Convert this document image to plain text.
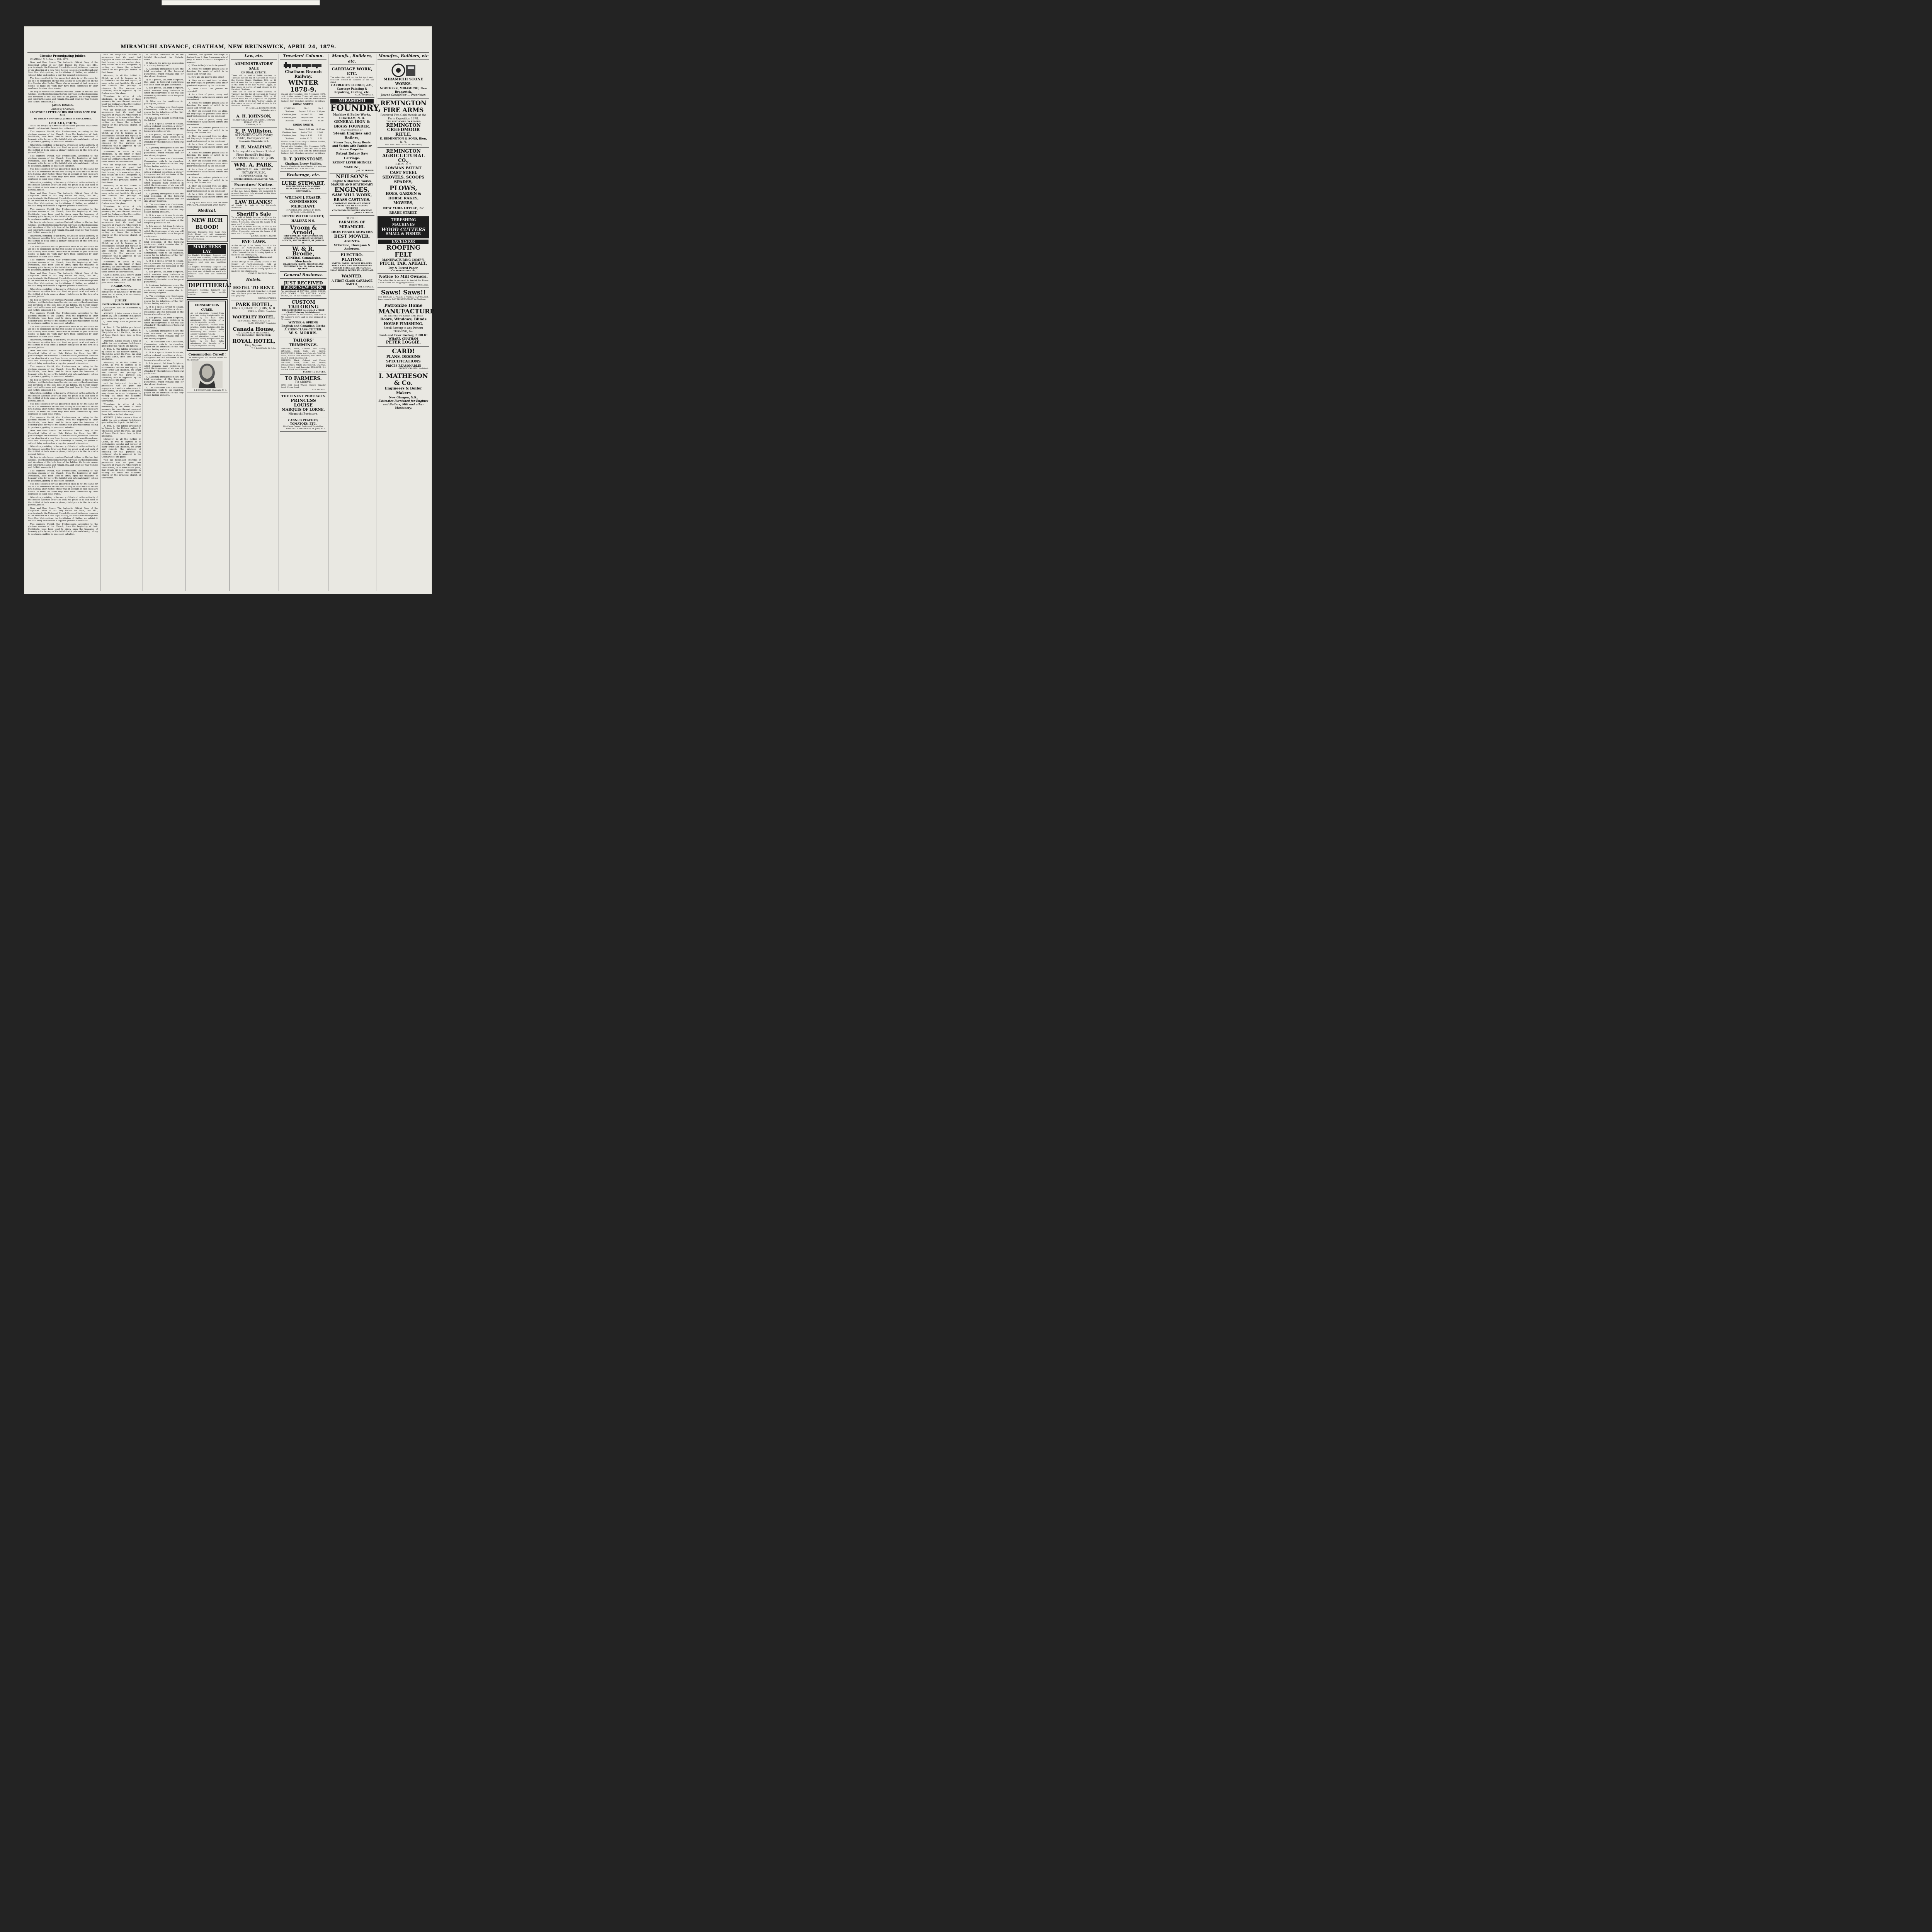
MIRAMICHI ADVANCE, CHATHAM, NEW BRUNSWICK, APRIL 24, 1879.
Circular Promulgating Jubilee.

CHATHAM, N. B., March 10th, 1879.

Dear and Dear Sirs:— The Authentic Official Copy of the Encyclical Letter of our Holy Father the Pope, Leo XIII., proclaiming to the Universal Church the usual Jubilee on occasion of the elevation of a new Pope, having just come to us through our Most Rev. Metropolitan, the Archbishop of Halifax, we publish it without delay and enclose a copy for general information.

The time specified for the prescribed visits is not the same for all; it is to commence on the first Sunday of Lent and end on the first Sunday after Easter. Those who on account of just cause are unable to make the visits may have them commuted by their confessor to other pious works.

We beg to refer to our previous Pastoral Letters on the two last Jubilees, and the instructions therein conveyed on the dispositions and devotions of the holy time of the Jubilee. We hereby renew and confirm the same, and remain, Rev. and Dear Sir, Your humble and faithful servant in J. C.

JAMES ROGERS,
Bishop of Chatham.
APOSTOLIC LETTER OF HIS HOLINESS POPE LEO XIII.,
BY WHICH A UNIVERSAL JUBILEE IS PROCLAIMED.
LEO XIII, POPE.

To all the faithful of Christ to whom these presents shall come: Health and Apostolic Benediction in the Lord.

This supreme Pontiff, Our Predecessors, according to the glorious custom of the Church, from the beginning of their Pontificate, have been used to throw open the treasures of heavenly gifts, by way of the faithful with paternal charity, calling to penitence, guiding to peace and salvation.

Wherefore, confiding in the mercy of God and in the authority of the blessed Apostles Peter and Paul, we grant to all and each of the faithful of both sexes a plenary Indulgence in the form of a general Jubilee.

This supreme Pontiff, Our Predecessors, according to the glorious custom of the Church, from the beginning of their Pontificate, have been used to throw open the treasures of heavenly gifts, by way of the faithful with paternal charity, calling to penitence, guiding to peace and salvation.

The time specified for the prescribed visits is not the same for all; it is to commence on the first Sunday of Lent and end on the first Sunday after Easter. Those who on account of just cause are unable to make the visits may have them commuted by their confessor to other pious works.

Wherefore, confiding in the mercy of God and in the authority of the blessed Apostles Peter and Paul, we grant to all and each of the faithful of both sexes a plenary Indulgence in the form of a general Jubilee.

Dear and Dear Sirs:— The Authentic Official Copy of the Encyclical Letter of our Holy Father the Pope, Leo XIII., proclaiming to the Universal Church the usual Jubilee on occasion of the elevation of a new Pope, having just come to us through our Most Rev. Metropolitan, the Archbishop of Halifax, we publish it without delay and enclose a copy for general information.

This supreme Pontiff, Our Predecessors, according to the glorious custom of the Church, from the beginning of their Pontificate, have been used to throw open the treasures of heavenly gifts, by way of the faithful with paternal charity, calling to penitence, guiding to peace and salvation.

We beg to refer to our previous Pastoral Letters on the two last Jubilees, and the instructions therein conveyed on the dispositions and devotions of the holy time of the Jubilee. We hereby renew and confirm the same, and remain, Rev. and Dear Sir, Your humble and faithful servant in J. C.

Wherefore, confiding in the mercy of God and in the authority of the blessed Apostles Peter and Paul, we grant to all and each of the faithful of both sexes a plenary Indulgence in the form of a general Jubilee.

The time specified for the prescribed visits is not the same for all; it is to commence on the first Sunday of Lent and end on the first Sunday after Easter. Those who on account of just cause are unable to make the visits may have them commuted by their confessor to other pious works.

This supreme Pontiff, Our Predecessors, according to the glorious custom of the Church, from the beginning of their Pontificate, have been used to throw open the treasures of heavenly gifts, by way of the faithful with paternal charity, calling to penitence, guiding to peace and salvation.

Dear and Dear Sirs:— The Authentic Official Copy of the Encyclical Letter of our Holy Father the Pope, Leo XIII., proclaiming to the Universal Church the usual Jubilee on occasion of the elevation of a new Pope, having just come to us through our Most Rev. Metropolitan, the Archbishop of Halifax, we publish it without delay and enclose a copy for general information.

Wherefore, confiding in the mercy of God and in the authority of the blessed Apostles Peter and Paul, we grant to all and each of the faithful of both sexes a plenary Indulgence in the form of a general Jubilee.

We beg to refer to our previous Pastoral Letters on the two last Jubilees, and the instructions therein conveyed on the dispositions and devotions of the holy time of the Jubilee. We hereby renew and confirm the same, and remain, Rev. and Dear Sir, Your humble and faithful servant in J. C.

This supreme Pontiff, Our Predecessors, according to the glorious custom of the Church, from the beginning of their Pontificate, have been used to throw open the treasures of heavenly gifts, by way of the faithful with paternal charity, calling to penitence, guiding to peace and salvation.

The time specified for the prescribed visits is not the same for all; it is to commence on the first Sunday of Lent and end on the first Sunday after Easter. Those who on account of just cause are unable to make the visits may have them commuted by their confessor to other pious works.

Wherefore, confiding in the mercy of God and in the authority of the blessed Apostles Peter and Paul, we grant to all and each of the faithful of both sexes a plenary Indulgence in the form of a general Jubilee.

Dear and Dear Sirs:— The Authentic Official Copy of the Encyclical Letter of our Holy Father the Pope, Leo XIII., proclaiming to the Universal Church the usual Jubilee on occasion of the elevation of a new Pope, having just come to us through our Most Rev. Metropolitan, the Archbishop of Halifax, we publish it without delay and enclose a copy for general information.

This supreme Pontiff, Our Predecessors, according to the glorious custom of the Church, from the beginning of their Pontificate, have been used to throw open the treasures of heavenly gifts, by way of the faithful with paternal charity, calling to penitence, guiding to peace and salvation.

We beg to refer to our previous Pastoral Letters on the two last Jubilees, and the instructions therein conveyed on the dispositions and devotions of the holy time of the Jubilee. We hereby renew and confirm the same, and remain, Rev. and Dear Sir, Your humble and faithful servant in J. C.

Wherefore, confiding in the mercy of God and in the authority of the blessed Apostles Peter and Paul, we grant to all and each of the faithful of both sexes a plenary Indulgence in the form of a general Jubilee.

The time specified for the prescribed visits is not the same for all; it is to commence on the first Sunday of Lent and end on the first Sunday after Easter. Those who on account of just cause are unable to make the visits may have them commuted by their confessor to other pious works.

This supreme Pontiff, Our Predecessors, according to the glorious custom of the Church, from the beginning of their Pontificate, have been used to throw open the treasures of heavenly gifts, by way of the faithful with paternal charity, calling to penitence, guiding to peace and salvation.

Dear and Dear Sirs:— The Authentic Official Copy of the Encyclical Letter of our Holy Father the Pope, Leo XIII., proclaiming to the Universal Church the usual Jubilee on occasion of the elevation of a new Pope, having just come to us through our Most Rev. Metropolitan, the Archbishop of Halifax, we publish it without delay and enclose a copy for general information.

Wherefore, confiding in the mercy of God and in the authority of the blessed Apostles Peter and Paul, we grant to all and each of the faithful of both sexes a plenary Indulgence in the form of a general Jubilee.

We beg to refer to our previous Pastoral Letters on the two last Jubilees, and the instructions therein conveyed on the dispositions and devotions of the holy time of the Jubilee. We hereby renew and confirm the same, and remain, Rev. and Dear Sir, Your humble and faithful servant in J. C.

This supreme Pontiff, Our Predecessors, according to the glorious custom of the Church, from the beginning of their Pontificate, have been used to throw open the treasures of heavenly gifts, by way of the faithful with paternal charity, calling to penitence, guiding to peace and salvation.

The time specified for the prescribed visits is not the same for all; it is to commence on the first Sunday of Lent and end on the first Sunday after Easter. Those who on account of just cause are unable to make the visits may have them commuted by their confessor to other pious works.

Wherefore, confiding in the mercy of God and in the authority of the blessed Apostles Peter and Paul, we grant to all and each of the faithful of both sexes a plenary Indulgence in the form of a general Jubilee.

Dear and Dear Sirs:— The Authentic Official Copy of the Encyclical Letter of our Holy Father the Pope, Leo XIII., proclaiming to the Universal Church the usual Jubilee on occasion of the elevation of a new Pope, having just come to us through our Most Rev. Metropolitan, the Archbishop of Halifax, we publish it without delay and enclose a copy for general information.

This supreme Pontiff, Our Predecessors, according to the glorious custom of the Church, from the beginning of their Pontificate, have been used to throw open the treasures of heavenly gifts, by way of the faithful with paternal charity, calling to penitence, guiding to peace and salvation.

visit the designated churches in procession. And We grant that voyagers or travellers, who return to their homes, or to some other place, may obtain the same Indulgence by visiting six times the cathedral church or the principal church of their home.

Moreover, to all the faithful in Christ, as well to laymen as to ecclesiastics, secular and regular, of every order and Institute, We grant and concede the privilege of choosing for this purpose any confessor, who is approved by the Ordinaries of the place.

Wherefore, in virtue of holy obedience, by the tenor of these presents, We prescribe and command to all the Ordinaries that they publish these Letters in their dioceses.

visit the designated churches in procession. And We grant that voyagers or travellers, who return to their homes, or to some other place, may obtain the same Indulgence by visiting six times the cathedral church or the principal church of their home.

Moreover, to all the faithful in Christ, as well to laymen as to ecclesiastics, secular and regular, of every order and Institute, We grant and concede the privilege of choosing for this purpose any confessor, who is approved by the Ordinaries of the place.

Wherefore, in virtue of holy obedience, by the tenor of these presents, We prescribe and command to all the Ordinaries that they publish these Letters in their dioceses.

visit the designated churches in procession. And We grant that voyagers or travellers, who return to their homes, or to some other place, may obtain the same Indulgence by visiting six times the cathedral church or the principal church of their home.

Moreover, to all the faithful in Christ, as well to laymen as to ecclesiastics, secular and regular, of every order and Institute, We grant and concede the privilege of choosing for this purpose any confessor, who is approved by the Ordinaries of the place.

Wherefore, in virtue of holy obedience, by the tenor of these presents, We prescribe and command to all the Ordinaries that they publish these Letters in their dioceses.

visit the designated churches in procession. And We grant that voyagers or travellers, who return to their homes, or to some other place, may obtain the same Indulgence by visiting six times the cathedral church or the principal church of their home.

Moreover, to all the faithful in Christ, as well to laymen as to ecclesiastics, secular and regular, of every order and Institute, We grant and concede the privilege of choosing for this purpose any confessor, who is approved by the Ordinaries of the place.

Wherefore, in virtue of holy obedience, by the tenor of these presents, We prescribe and command to all the Ordinaries that they publish these Letters in their dioceses.

Given at Rome, at St. Peter's under the Seal of the Fisherman, the 15th day of February, 1879, and the first year of our Pontificate.

F. CARD. NINA.

We append the "Instructions on the Indulgence of the Jubilee," by the late Most Rev. W. Walsh, D. D. Archbishop of Halifax, N. S.

JUBILEE.
INSTRUCTIONS ON THE JUBILEE.

QUESTION. What is understood by a Jubilee?

ANSWER. Jubilee means a time of public joy, and a plenary Indulgence granted by the Pope to the faithful.

Q. How many kinds of jubilee are there?

A. Two. 1. The jubilee proclaimed by Moses to the Hebrew nation; 2. The jubilee which the Pope, the vicar of Jesus Christ, from time to time proclaims.

ANSWER. Jubilee means a time of public joy, and a plenary Indulgence granted by the Pope to the faithful.

A. Two. 1. The jubilee proclaimed by Moses to the Hebrew nation; 2. The jubilee which the Pope, the vicar of Jesus Christ, from time to time proclaims.

Moreover, to all the faithful in Christ, as well to laymen as to ecclesiastics, secular and regular, of every order and Institute, We grant and concede the privilege of choosing for this purpose any confessor, who is approved by the Ordinaries of the place.

visit the designated churches in procession. And We grant that voyagers or travellers, who return to their homes, or to some other place, may obtain the same Indulgence by visiting six times the cathedral church or the principal church of their home.

Wherefore, in virtue of holy obedience, by the tenor of these presents, We prescribe and command to all the Ordinaries that they publish these Letters in their dioceses.

ANSWER. Jubilee means a time of public joy, and a plenary Indulgence granted by the Pope to the faithful.

A. Two. 1. The jubilee proclaimed by Moses to the Hebrew nation; 2. The jubilee which the Pope, the vicar of Jesus Christ, from time to time proclaims.

Moreover, to all the faithful in Christ, as well to laymen as to ecclesiastics, secular and regular, of every order and Institute, We grant and concede the privilege of choosing for this purpose any confessor, who is approved by the Ordinaries of the place.

visit the designated churches in procession. And We grant that voyagers or travellers, who return to their homes, or to some other place, may obtain the same Indulgence by visiting six times the cathedral church or the principal church of their home.

at benefits conferred on all the faithful throughout the Catholic world.

Q. What is the principal concession in a plenary indulgence?

A. A plenary indulgence means the total remission of the temporal punishment which remains due for sins already forgiven.

Q. Is it proved, 1st, from Scripture, that there is temporal punishment due to sin after the guilt is remitted?

A. It is proved, 1st, from Scripture, which contains many instances in which the forgiveness of sin was still attended by the infliction of temporal punishment.

Q. What are the conditions for gaining the Jubilee?

A. The conditions are: Confession, Communion, visits to the churches, prayer for the intentions of the Holy Father, fasting and alms.

Q. What is the benefit derived from the Jubilee?

A. It is a special favour to obtain, with a profound contrition, a plenary indulgence and full remission of the temporal penalties of sin.

A. It is proved, 1st, from Scripture, which contains many instances in which the forgiveness of sin was still attended by the infliction of temporal punishment.

A. A plenary indulgence means the total remission of the temporal punishment which remains due for sins already forgiven.

A. The conditions are: Confession, Communion, visits to the churches, prayer for the intentions of the Holy Father, fasting and alms.

A. It is a special favour to obtain, with a profound contrition, a plenary indulgence and full remission of the temporal penalties of sin.

A. It is proved, 1st, from Scripture, which contains many instances in which the forgiveness of sin was still attended by the infliction of temporal punishment.

A. A plenary indulgence means the total remission of the temporal punishment which remains due for sins already forgiven.

A. The conditions are: Confession, Communion, visits to the churches, prayer for the intentions of the Holy Father, fasting and alms.

A. It is a special favour to obtain, with a profound contrition, a plenary indulgence and full remission of the temporal penalties of sin.

A. It is proved, 1st, from Scripture, which contains many instances in which the forgiveness of sin was still attended by the infliction of temporal punishment.

A. A plenary indulgence means the total remission of the temporal punishment which remains due for sins already forgiven.

A. The conditions are: Confession, Communion, visits to the churches, prayer for the intentions of the Holy Father, fasting and alms.

A. It is a special favour to obtain, with a profound contrition, a plenary indulgence and full remission of the temporal penalties of sin.

A. It is proved, 1st, from Scripture, which contains many instances in which the forgiveness of sin was still attended by the infliction of temporal punishment.

A. A plenary indulgence means the total remission of the temporal punishment which remains due for sins already forgiven.

A. The conditions are: Confession, Communion, visits to the churches, prayer for the intentions of the Holy Father, fasting and alms.

A. It is a special favour to obtain, with a profound contrition, a plenary indulgence and full remission of the temporal penalties of sin.

A. It is proved, 1st, from Scripture, which contains many instances in which the forgiveness of sin was still attended by the infliction of temporal punishment.

A. A plenary indulgence means the total remission of the temporal punishment which remains due for sins already forgiven.

A. The conditions are: Confession, Communion, visits to the churches, prayer for the intentions of the Holy Father, fasting and alms.

A. It is a special favour to obtain, with a profound contrition, a plenary indulgence and full remission of the temporal penalties of sin.

A. It is proved, 1st, from Scripture, which contains many instances in which the forgiveness of sin was still attended by the infliction of temporal punishment.

A. A plenary indulgence means the total remission of the temporal punishment which remains due for sins already forgiven.

A. The conditions are: Confession, Communion, visits to the churches, prayer for the intentions of the Holy Father, fasting and alms.

benefits, that greater advantage is derived from it, than from many acts of piety, to which a similar indulgence is annexed.

Q. When is the Jubilee to be gained?

A. When we perform private acts of devotion, the merit of which is to satisfy God for our sins.

Q. How are the poor to give alms?

A. They are excused from the alms, but they ought to perform some other good work enjoined by the confessor.

Q. How should the Jubilee be regarded?

A. As a time of grace, mercy and reconciliation, with sincere sorrow and amendment.

A. When we perform private acts of devotion, the merit of which is to satisfy God for our sins.

A. They are excused from the alms, but they ought to perform some other good work enjoined by the confessor.

A. As a time of grace, mercy and reconciliation, with sincere sorrow and amendment.

A. When we perform private acts of devotion, the merit of which is to satisfy God for our sins.

A. They are excused from the alms, but they ought to perform some other good work enjoined by the confessor.

A. As a time of grace, mercy and reconciliation, with sincere sorrow and amendment.

A. When we perform private acts of devotion, the merit of which is to satisfy God for our sins.

A. They are excused from the alms, but they ought to perform some other good work enjoined by the confessor.

A. As a time of grace, mercy and reconciliation, with sincere sorrow and amendment.

A. When we perform private acts of devotion, the merit of which is to satisfy God for our sins.

A. They are excused from the alms, but they ought to perform some other good work enjoined by the confessor.

A. As a time of grace, mercy and reconciliation, with sincere sorrow and amendment.

To thy God thou shalt love the voice of the Lord, beloved and great hearts.

Medical.
NEW RICH BLOOD!
Parsons' Purgative Pills make New Rich Blood, and will completely change the blood in the entire system in three months.
MAKE HENS LAY.
An English Veterinary Surgeon and Chemist now travelling in this country says that most of the Horse and Cattle Powders sold here are worthless trash.
An English Veterinary Surgeon and Chemist now travelling in this country says that most of the Horse and Cattle Powders sold here are worthless trash.
DIPHTHERIA!
Johnson's Anodyne Liniment will positively prevent this terrible disease.
CONSUMPTION CURED.
An old physician, retired from practice, having had placed in his hands by an East India missionary the formula of a simple vegetable remedy.
An old physician, retired from practice, having had placed in his hands by an East India missionary the formula of a simple vegetable remedy.
An old physician, retired from practice, having had placed in his hands by an East India missionary the formula of a simple vegetable remedy.
Consumption Cured!!
The undersigned will receive orders for the remedy.
J. P. MCDONALD, Chatham, N. B.
Law, etc.
ADMINISTRATORS' SALE
OF REAL ESTATE.
There will be sold at Public Auction, on Tuesday, the 6th day of May next, in front of the Canada House, Chatham, N.B., at 12 o'clock noon, for the purpose of the payment of the debts of the late Andrew Loggie, all that piece or parcel of land situate in the Parish of Chatham.
There will be sold at Public Auction, on Tuesday, the 6th day of May next, in front of the Canada House, Chatham, N.B., at 12 o'clock noon, for the purpose of the payment of the debts of the late Andrew Loggie, all that piece or parcel of land situate in the Parish of Chatham.
W. H. KELLY, JOHN JOHNSON, Administrators.
A. H. JOHNSON,
BARRISTER-AT-LAW, SOLICITOR, NOTARY PUBLIC, ETC., ETC.
Chatham, N. B.
E. P. Williston,
ATTORNEY-AT-LAW, Notary Public, Conveyancer, &c.
Newcastle, Miramichi, N. B.
E. H. McALPINE.
Attorney-at-Law, Room 3, First Floor, Barnhill's Building, PRINCESS STREET, ST. JOHN.
WM. A. PARK,
Attorney-at-Law, Solicitor, NOTARY PUBLIC, CONVEYANCER, &c.
CASTLE STREET, NEWCASTLE, N.B.
Executors' Notice.
All persons having claims against the Estate of the late James Blaikie are requested to present the same, duly attested, within three months from this date.
LAW BLANKS!
All kinds, for sale at the Miramichi Bookstore.
Sheriff's Sale
To be sold at Public Auction, on Friday, the 25th day of July next, in front of the Registry Office, Newcastle, between the hours of 12 noon and 5 o'clock p.m.
To be sold at Public Auction, on Friday, the 25th day of July next, in front of the Registry Office, Newcastle, between the hours of 12 noon and 5 o'clock p.m.
JOHN SHIRREFF, Sheriff.
BYE-LAWS.
At the sittings of the County Council of the County of Northumberland, held at Newcastle on the 21st day of January, A. D. 1879: Ordered that the following Bye-Law be made for the Municipality.
A Bye-Law Relating to Booms and Boomage.
At the sittings of the County Council of the County of Northumberland, held at Newcastle on the 21st day of January, A. D. 1879: Ordered that the following Bye-Law be made for the Municipality.
CHAS. F. BOURNE, Warden.
Hotels.
HOTEL TO RENT.
The subscriber will rent, from the 1st of April next, the hotel premises known as the John Hea property.
JOHN McCARTHY.
PARK HOTEL,
KING SQUARE, ST. JOHN, N. B.
FRED. A. JONES, Proprietor.
WAVERLEY HOTEL.
NEWCASTLE, MIRAMICHI, N. B.
ALEX. STEWART, Proprietor.
Canada House,
CHATHAM, NEW BRUNSWICK.
WM. JOHNSTON, PROPRIETOR.
ROYAL HOTEL,
King Square.
T. F. RAYMOND, St. John.
Travelers' Column.
Chatham Branch Railway.
WINTER 1878-9.
On and after Monday, 18th November, 1878, until further notice, Trains will run on this Railway, in connection with the Intercolonial Railway, daily (Sundays excepted) as follows:
GOING SOUTH.
STATIONS.	No. 1	No. 2
Chatham,	Depart. 5.00 am	2.30 pm
Chatham June.	Arrive 5.30	3.00
Chatham June.	Depart 5.40	10.30
Chatham,	Arrive 6.10	11.00
GOING NORTH.
Chatham,	Depart 6.30 am	11.30 am
Chatham June.	Arrive 7.00	12.00
Chatham June.	Depart 9.30	3.20
Chatham,	Arrive 10.00	3.50
All the above Trains stop at Nelson Station, both going and returning.
On and after Monday, 18th November, 1878, until further notice, Trains will run on this Railway, in connection with the Intercolonial Railway, daily (Sundays excepted) as follows:
D. T. JOHNSTONE.
Chatham Livery Stables.
Regular Coaches to leave having and arriving at CHATHAM RAILWAY STATION.
Brokerage, etc.
LUKE STEWART,
SHIP BROKER & COMMISSION MERCHANT SAINT JOHN, NEW BRUNSWICK.
WILLIAM J. FRASER,
COMMISSION MERCHANT,
IMPORTER AND DEALER IN TEAS, SUGARS, MOLASSES &c.
UPPER WATER STREET, HALIFAX N S.
Vroom & Arnold,
SHIP BROKERS AND COMMISSION MERCHANTS, MARINE INSURANCE AGENTS, SMYTH STREET, ST. JOHN N. B.
W. & R. Brodie,
GENERAL Commission Merchants
DEALERS IN FLOUR, PRODUCE AND PROVISIONS, No. 16, Arthur Street, QUEBEC.
General Business.
JUST RECEIVED
FROM NEW YORK
An assortment of NOVELS, SONG BOOKS, JOKE BOOKS, LOVE LETTERS, MAGIC BOOKS, &c., at the Miramichi Bookstore.
CUSTOM TAILORING
THE SUBSCRIBER has opened a FIRST-CLASS Tailoring Establishment
in the premises on Water Street, next door to Mr. Anslow's store, and is now prepared to fill orders.
WINTER & SPRING
English and Canadian Cloths
A FIRST-CLASS CUTTER.
W. S. MORRIS.
TAILORS' TRIMMINGS.
SILESIAS, Black, Colored and Fancy; LININGS, Black, Slate and Brown; POCKETINGS, White and Colored; CANVAS, Swiss, French and Imperial; ITALIANS, 2-4 and 6-4 Black and Colored.
SILESIAS, Black, Colored and Fancy; LININGS, Black, Slate and Brown; POCKETINGS, White and Colored; CANVAS, Swiss, French and Imperial; ITALIANS, 2-4 and 6-4 Black and Colored.
EVERITT & BUTLER.
TO FARMERS.
TO ARRIVE.
FIVE Bold Seed Wheat, Choice Timothy Seed, Clover Seed.
W. S. LOGGIE.
THE FINEST PORTRAITS
PRINCESS LOUISE
MARQUIS OF LORNE,
Miramichi Bookstore.
CANNED PEACHES, TOMATOES, ETC.
180 Cases Canned Fruits and Vegetables.
HARDING & HATHEWAY, St. John, N. B.
Manufs., Builders, etc.
CARRIAGE WORK, ETC.
The subscriber will, on the 1st April next, establish himself in business at the old stand.
CARRIAGES SLEIGHS, &C.,
Carriage Painting & Repairing, Gilding, etc.
ALEX. ROBINSON.
MIRAMICHI
FOUNDRY,
Machine & Boiler Works,
CHATHAM, N. B.
GENERAL IRON & BRASS FOUNDER.
MANUFACTURER OF
Steam Engines and Boilers,
Steam Tugs, Ferry Boats and Yachts with Paddle or Screw Propeller.
Patent Rotary Saw Carriage.
PATENT LEVER SHINGLE MACHINE,
JAS. W. FRASER
NEILSON'S
Engine & Machine Works.
MARINE AND STATIONARY
ENGINES,
SAW MILL WORK,
BRASS CASTINGS.
COMPOUND EDGER AND SINGLE EDGER, AND MY RE-SAWING MACHINES
COMPOUND OR DOUBLE MACHINE
JAMES NEILSON.
TO THE
FARMERS OF MIRAMICHI.
IRON FRAME MOWERS
BEST MOWER,
AGENTS:
M'Farlane, Thompson & Anderson.
ELECTRO-PLATING.
KNIVES, FORKS, SPOONS TEA-SETS, TRAYS, CAKE AND BREAD BASKETS, SLEIGH BELLS, and other articles
ISAAC HARRIS, WATER ST., CHATHAM,
WANTED.
A FIRST CLASS CARRIAGE SMITH,
WM. SIMPSON.
Manufrs., Builders, etc
MIRAMICHI STONE WORKS.
NORTHESK, MIRAMICHI, New Brunswick.
Joseph Goodfellow — Proprietor.
REMINGTON
FIRE ARMS
Received Two Gold Medals at the Paris Exposition 1878.
THE BEST SCORE ON RECORD
REMINGTON
CREEDMOOR RIFLE,
E. REMINGTON & SONS, Ilion, N. Y.
New York Office 281 & 283 Broadway.
REMINGTON
AGRICULTURAL CO.,
ILION, N. Y.
LOWMAN PATENT
CAST STEEL SHOVELS, SCOOPS
SPADES,
PLOWS,
HOES, GARDEN & HORSE RAKES, MOWERS,
NEW YORK OFFICE, 57 READE STREET.
THRESHING MACHINES
WOOD CUTTERS
SMALL & FISHER
EXCELSIOR
ROOFING FELT
MANUFACTURING COMP'Y,
PITCH, TAR, APHALT,
Dry & Tarred Paper,
A. P. McDONALD & CO.,
Notice to Mill Owners.
The subscriber is prepared to furnish his Patent Lath Cleaner and Shipping Machine.
ROBERT McGUIRE.
Saws! Saws!!
MR. THOMAS B. PEACE, a Practical SAW MAKER, has opened a SAW MANUFACTORY in Chatham.
Patronize Home
MANUFACTURE
The subscriber will furnish to the Public
Doors, Windows, Blinds
HOUSE FINISHING,
Scroll Sawing to any Pattern TURNING, &c.
Sash and Door Factory, PUBLIC WHARF, CHATHAM
PETER LOGGIE.
CARD!
PLANS, DESIGNS
SPECIFICATIONS
PRICES REASONABLE!
GEORGE CASSADY, Architect.
I. MATHESON & Co.
Engineers & Boiler Makers
New Glasgow, N.S.,
Estimates Furnished for Engines and Boilers, Mill and other Machinery.
